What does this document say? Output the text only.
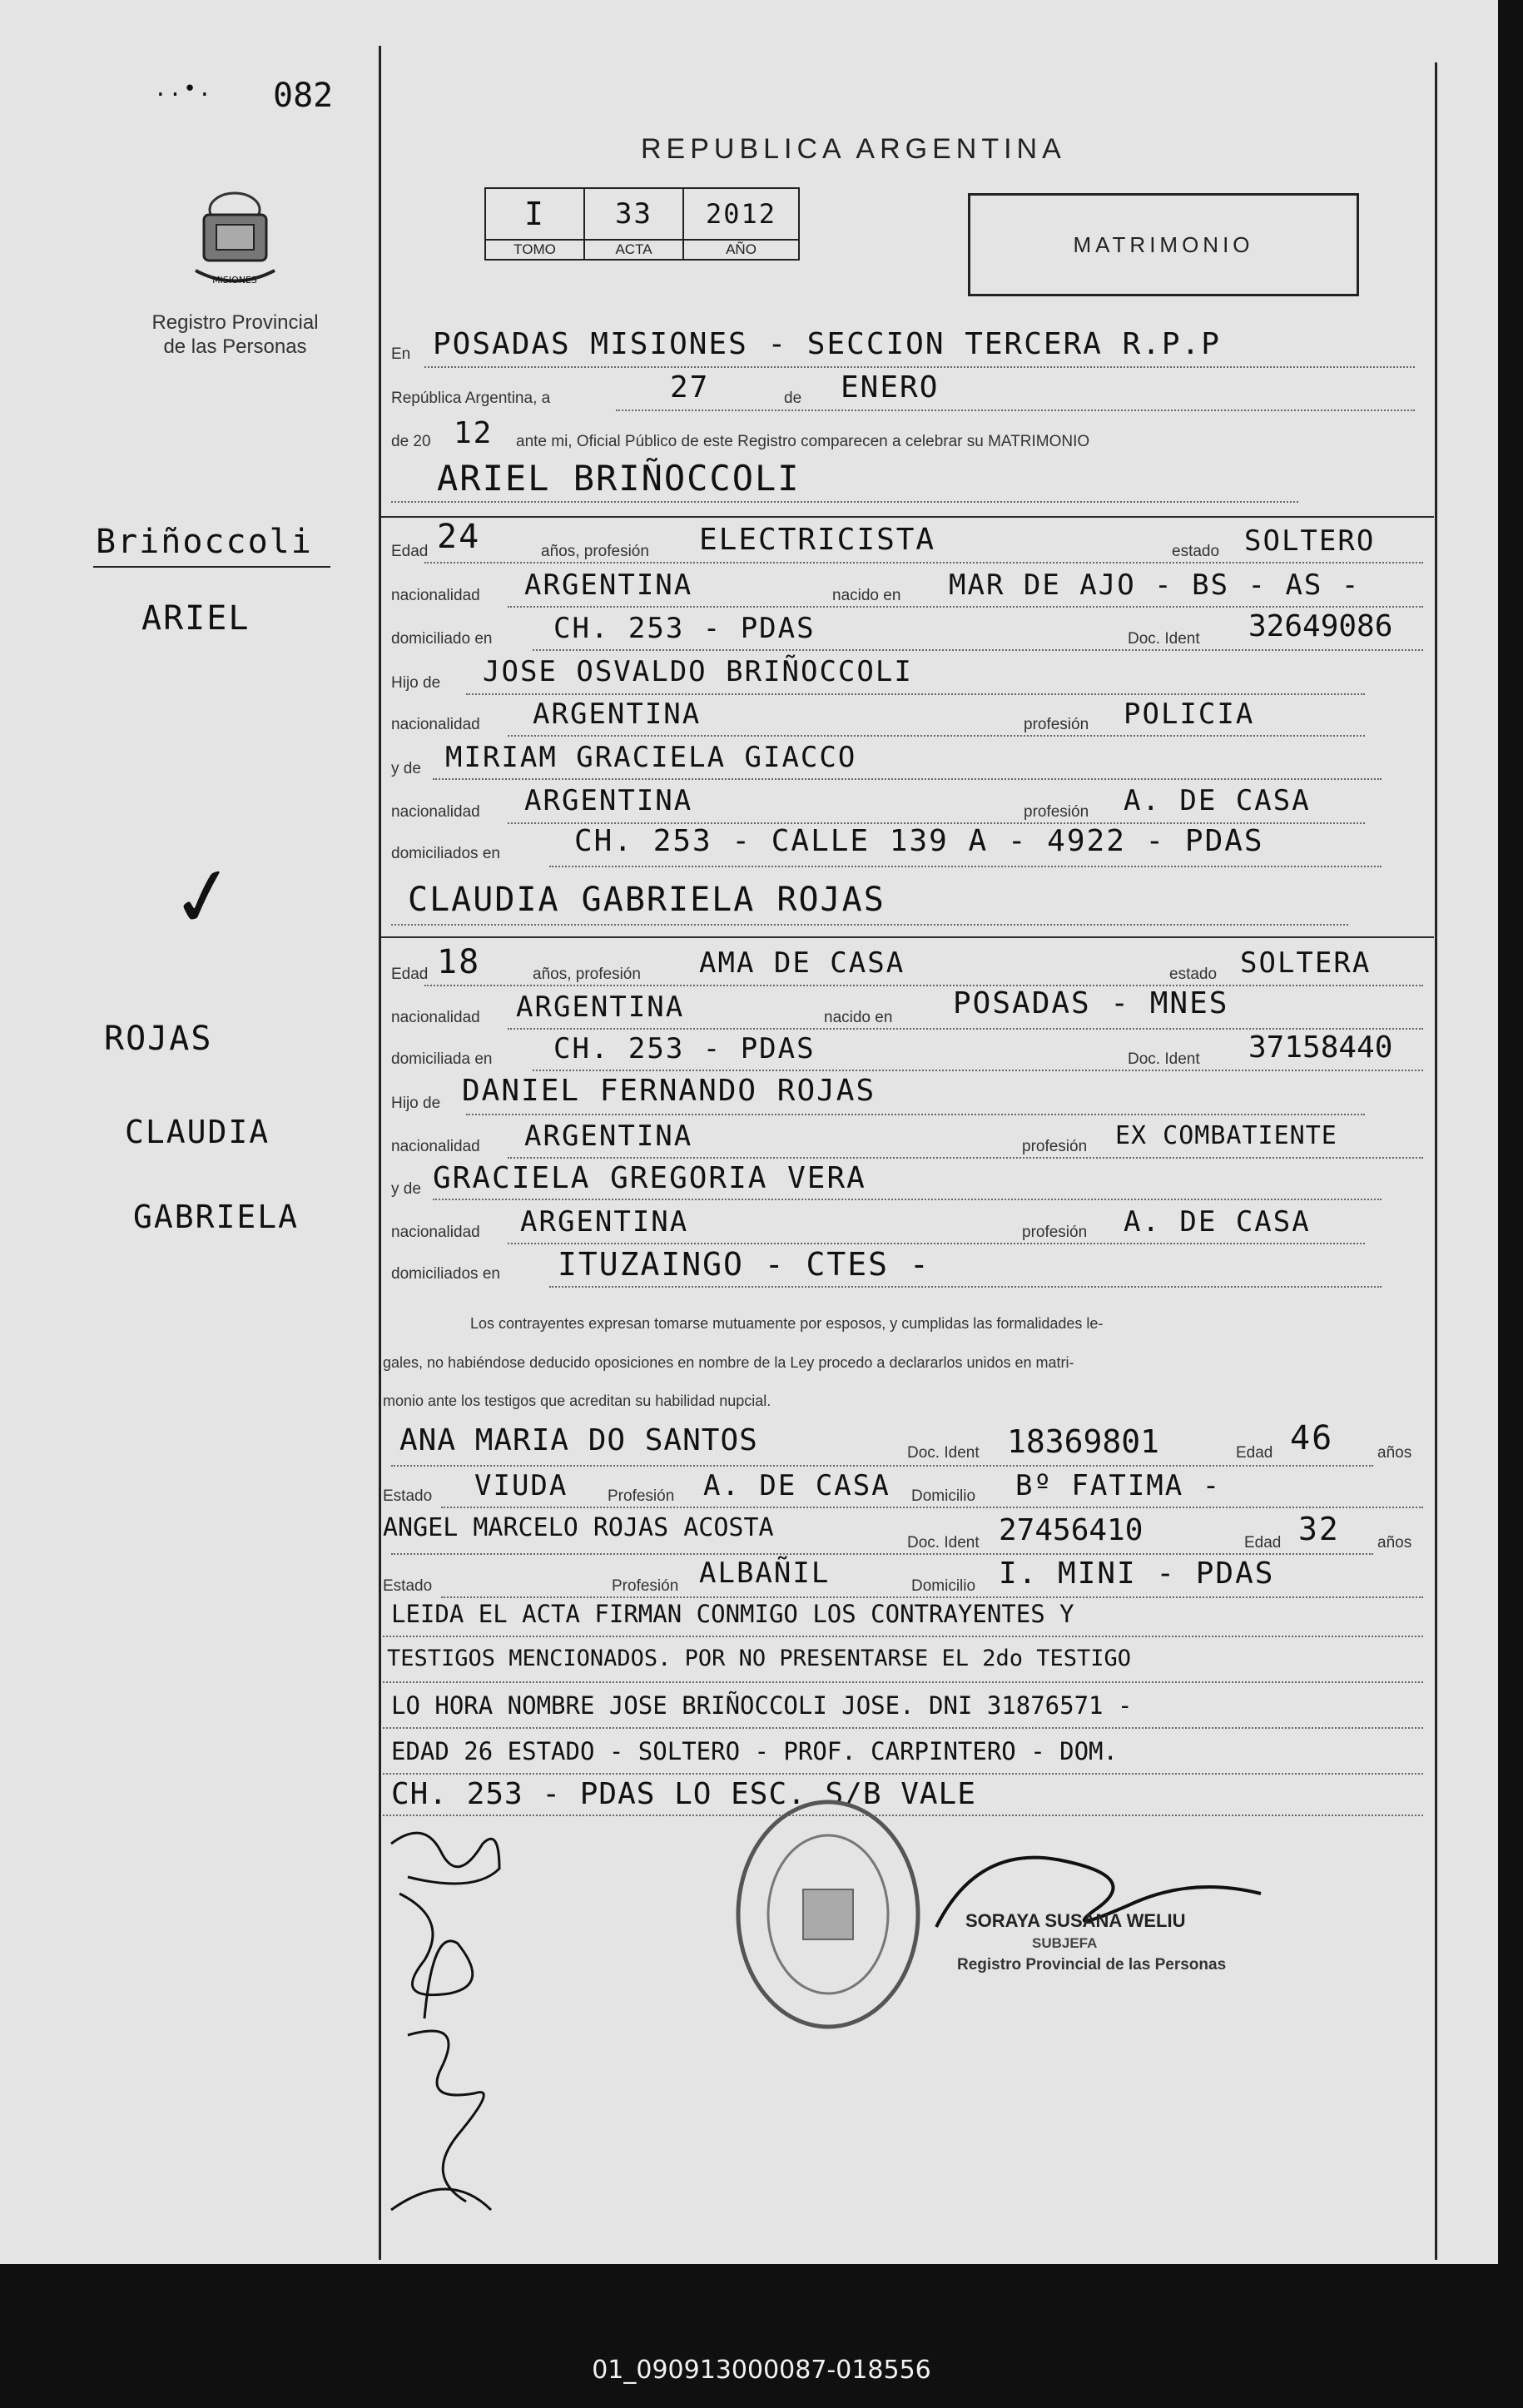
..•. 082
MISIONES
Registro Provincial
de las Personas
REPUBLICA ARGENTINA
I	33	2012
TOMO	ACTA	AÑO	MATRIMONIO
En POSADAS MISIONES - SECCION TERCERA R.P.P
República Argentina, a	27	de ENERO
de 20 12 ante mi, Oficial Público de este Registro comparecen a celebrar su MATRIMONIO
ARIEL BRIÑOCCOLI
Briñoccoli
ARIEL
✓
ROJAS
CLAUDIA
GABRIELA
Edad 24	años, profesión ELECTRICISTA	estado SOLTERO
nacionalidad ARGENTINA	nacido en MAR DE AJO - BS - AS -
domiciliado en CH. 253 - PDAS	Doc. Ident 32649086
Hijo de JOSE OSVALDO BRIÑOCCOLI
nacionalidad ARGENTINA	profesión POLICIA
y de MIRIAM GRACIELA GIACCO
nacionalidad ARGENTINA	profesión A. DE CASA
domiciliados en CH. 253 - CALLE 139 A - 4922 - PDAS
CLAUDIA GABRIELA ROJAS
Edad 18	años, profesión AMA DE CASA	estado SOLTERA
nacionalidad ARGENTINA	nacido en POSADAS - MNES
domiciliada en CH. 253 - PDAS	Doc. Ident 37158440
Hijo de DANIEL FERNANDO ROJAS
nacionalidad ARGENTINA	profesión EX COMBATIENTE
y de GRACIELA GREGORIA VERA
nacionalidad ARGENTINA	profesión A. DE CASA
domiciliados en ITUZAINGO - CTES -
Los contrayentes expresan tomarse mutuamente por esposos, y cumplidas las formalidades le-
gales, no habiéndose deducido oposiciones en nombre de la Ley procedo a declararlos unidos en matri-
monio ante los testigos que acreditan su habilidad nupcial.
ANA MARIA DO SANTOS	Doc. Ident 18369801	Edad 46	años
Estado VIUDA	Profesión A. DE CASA Domicilio Bº FATIMA -
ANGEL MARCELO ROJAS ACOSTA
Doc. Ident 27456410	Edad 32 años
Estado	Profesión ALBAÑIL	Domicilio I. MINI - PDAS
LEIDA EL ACTA FIRMAN CONMIGO LOS CONTRAYENTES Y
TESTIGOS MENCIONADOS. POR NO PRESENTARSE EL 2do TESTIGO
LO HORA NOMBRE JOSE BRIÑOCCOLI JOSE. DNI 31876571 -
EDAD 26 ESTADO - SOLTERO - PROF. CARPINTERO - DOM.
CH. 253 - PDAS LO ESC. S/B VALE
SORAYA SUSANA WELIU
SUBJEFA
Registro Provincial de las Personas
01_090913000087-018556
